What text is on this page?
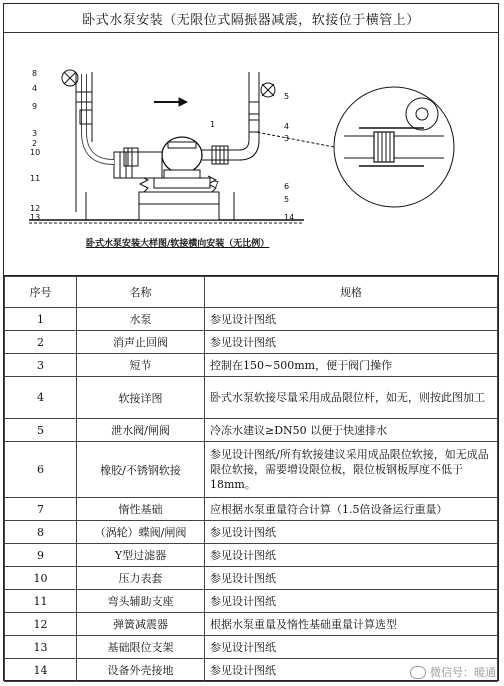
卧式水泵安装（无限位式隔振器减震，软接位于横管上）
卧式水泵安装大样图/软接横向安装（无比例）
8
4
9
3
2
10
11
12
13
1
7	6
5
14
5
4
3
序号	名称	规格
1	水泵	参见设计图纸
2	消声止回阀	参见设计图纸
3	短节	控制在150~500mm，便于阀门操作
4	软接详图	卧式水泵软接尽量采用成品限位杆，如无，则按此图加工
5	泄水阀/闸阀	冷冻水建议≥DN50 以便于快速排水
6	橡胶/不锈钢软接	参见设计图纸/所有软接建议采用成品限位软接，如无成品限位软接，需要增设限位板，限位板钢板厚度不低于18mm。
7	惰性基础	应根据水泵重量符合计算（1.5倍设备运行重量）
8	（涡轮）蝶阀/闸阀	参见设计图纸
9	Y型过滤器	参见设计图纸
10	压力表套	参见设计图纸
11	弯头辅助支座	参见设计图纸
12	弹簧减震器	根据水泵重量及惰性基础重量计算选型
13	基础限位支架	参见设计图纸
14	设备外壳接地	参见设计图纸	微信号：暖通
